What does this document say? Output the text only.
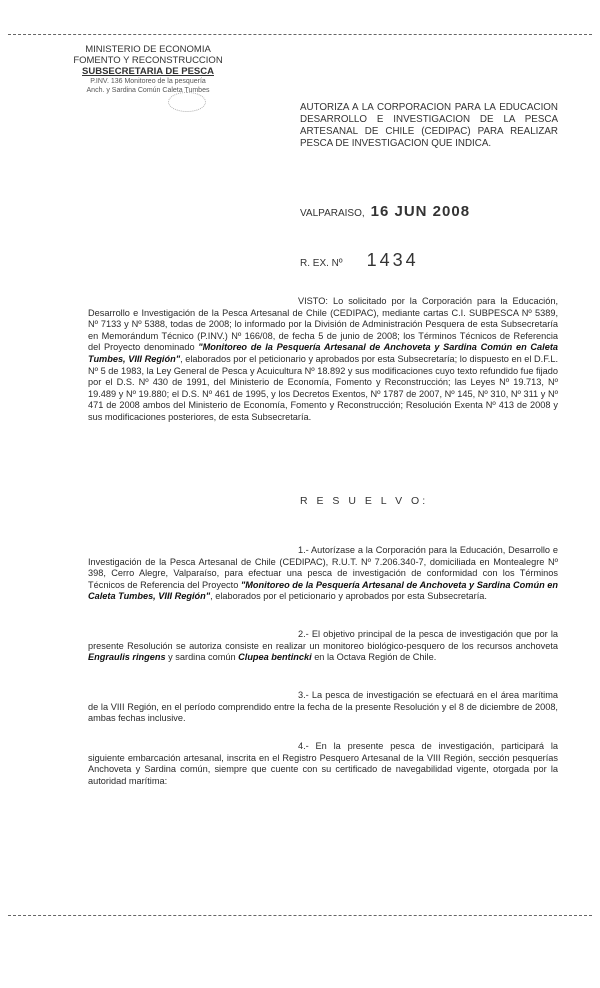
MINISTERIO DE ECONOMIA
FOMENTO Y RECONSTRUCCION
SUBSECRETARIA DE PESCA
P.INV. 136 Monitoreo de la pesquería
Anch. y Sardina Común Caleta Tumbes
AUTORIZA A LA CORPORACION PARA LA EDUCACION DESARROLLO E INVESTIGACION DE LA PESCA ARTESANAL DE CHILE (CEDIPAC) PARA REALIZAR PESCA DE INVESTIGACION QUE INDICA.
VALPARAISO, 16 JUN 2008
R. EX. Nº 1434

VISTO: Lo solicitado por la Corporación para la Educación, Desarrollo e Investigación de la Pesca Artesanal de Chile (CEDIPAC), mediante cartas C.I. SUBPESCA Nº 5389, Nº 7133 y Nº 5388, todas de 2008; lo informado por la División de Administración Pesquera de esta Subsecretaría en Memorándum Técnico (P.INV.) Nº 166/08, de fecha 5 de junio de 2008; los Términos Técnicos de Referencia del Proyecto denominado "Monitoreo de la Pesquería Artesanal de Anchoveta y Sardina Común en Caleta Tumbes, VIII Región", elaborados por el peticionario y aprobados por esta Subsecretaría; lo dispuesto en el D.F.L. Nº 5 de 1983, la Ley General de Pesca y Acuicultura Nº 18.892 y sus modificaciones cuyo texto refundido fue fijado por el D.S. Nº 430 de 1991, del Ministerio de Economía, Fomento y Reconstrucción; las Leyes Nº 19.713, Nº 19.489 y Nº 19.880; el D.S. Nº 461 de 1995, y los Decretos Exentos, Nº 1787 de 2007, Nº 145, Nº 310, Nº 311 y Nº 471 de 2008 ambos del Ministerio de Economía, Fomento y Reconstrucción; Resolución Exenta Nº 413 de 2008 y sus modificaciones posteriores, de esta Subsecretaría.

R E S U E L V O:

1.- Autorízase a la Corporación para la Educación, Desarrollo e Investigación de la Pesca Artesanal de Chile (CEDIPAC), R.U.T. Nº 7.206.340-7, domiciliada en Montealegre Nº 398, Cerro Alegre, Valparaíso, para efectuar una pesca de investigación de conformidad con los Términos Técnicos de Referencia del Proyecto "Monitoreo de la Pesquería Artesanal de Anchoveta y Sardina Común en Caleta Tumbes, VIII Región", elaborados por el peticionario y aprobados por esta Subsecretaría.

2.- El objetivo principal de la pesca de investigación que por la presente Resolución se autoriza consiste en realizar un monitoreo biológico-pesquero de los recursos anchoveta Engraulis ringens y sardina común Clupea bentincki en la Octava Región de Chile.

3.- La pesca de investigación se efectuará en el área marítima de la VIII Región, en el período comprendido entre la fecha de la presente Resolución y el 8 de diciembre de 2008, ambas fechas inclusive.

4.- En la presente pesca de investigación, participará la siguiente embarcación artesanal, inscrita en el Registro Pesquero Artesanal de la VIII Región, sección pesquerías Anchoveta y Sardina común, siempre que cuente con su certificado de navegabilidad vigente, otorgada por la autoridad marítima:
